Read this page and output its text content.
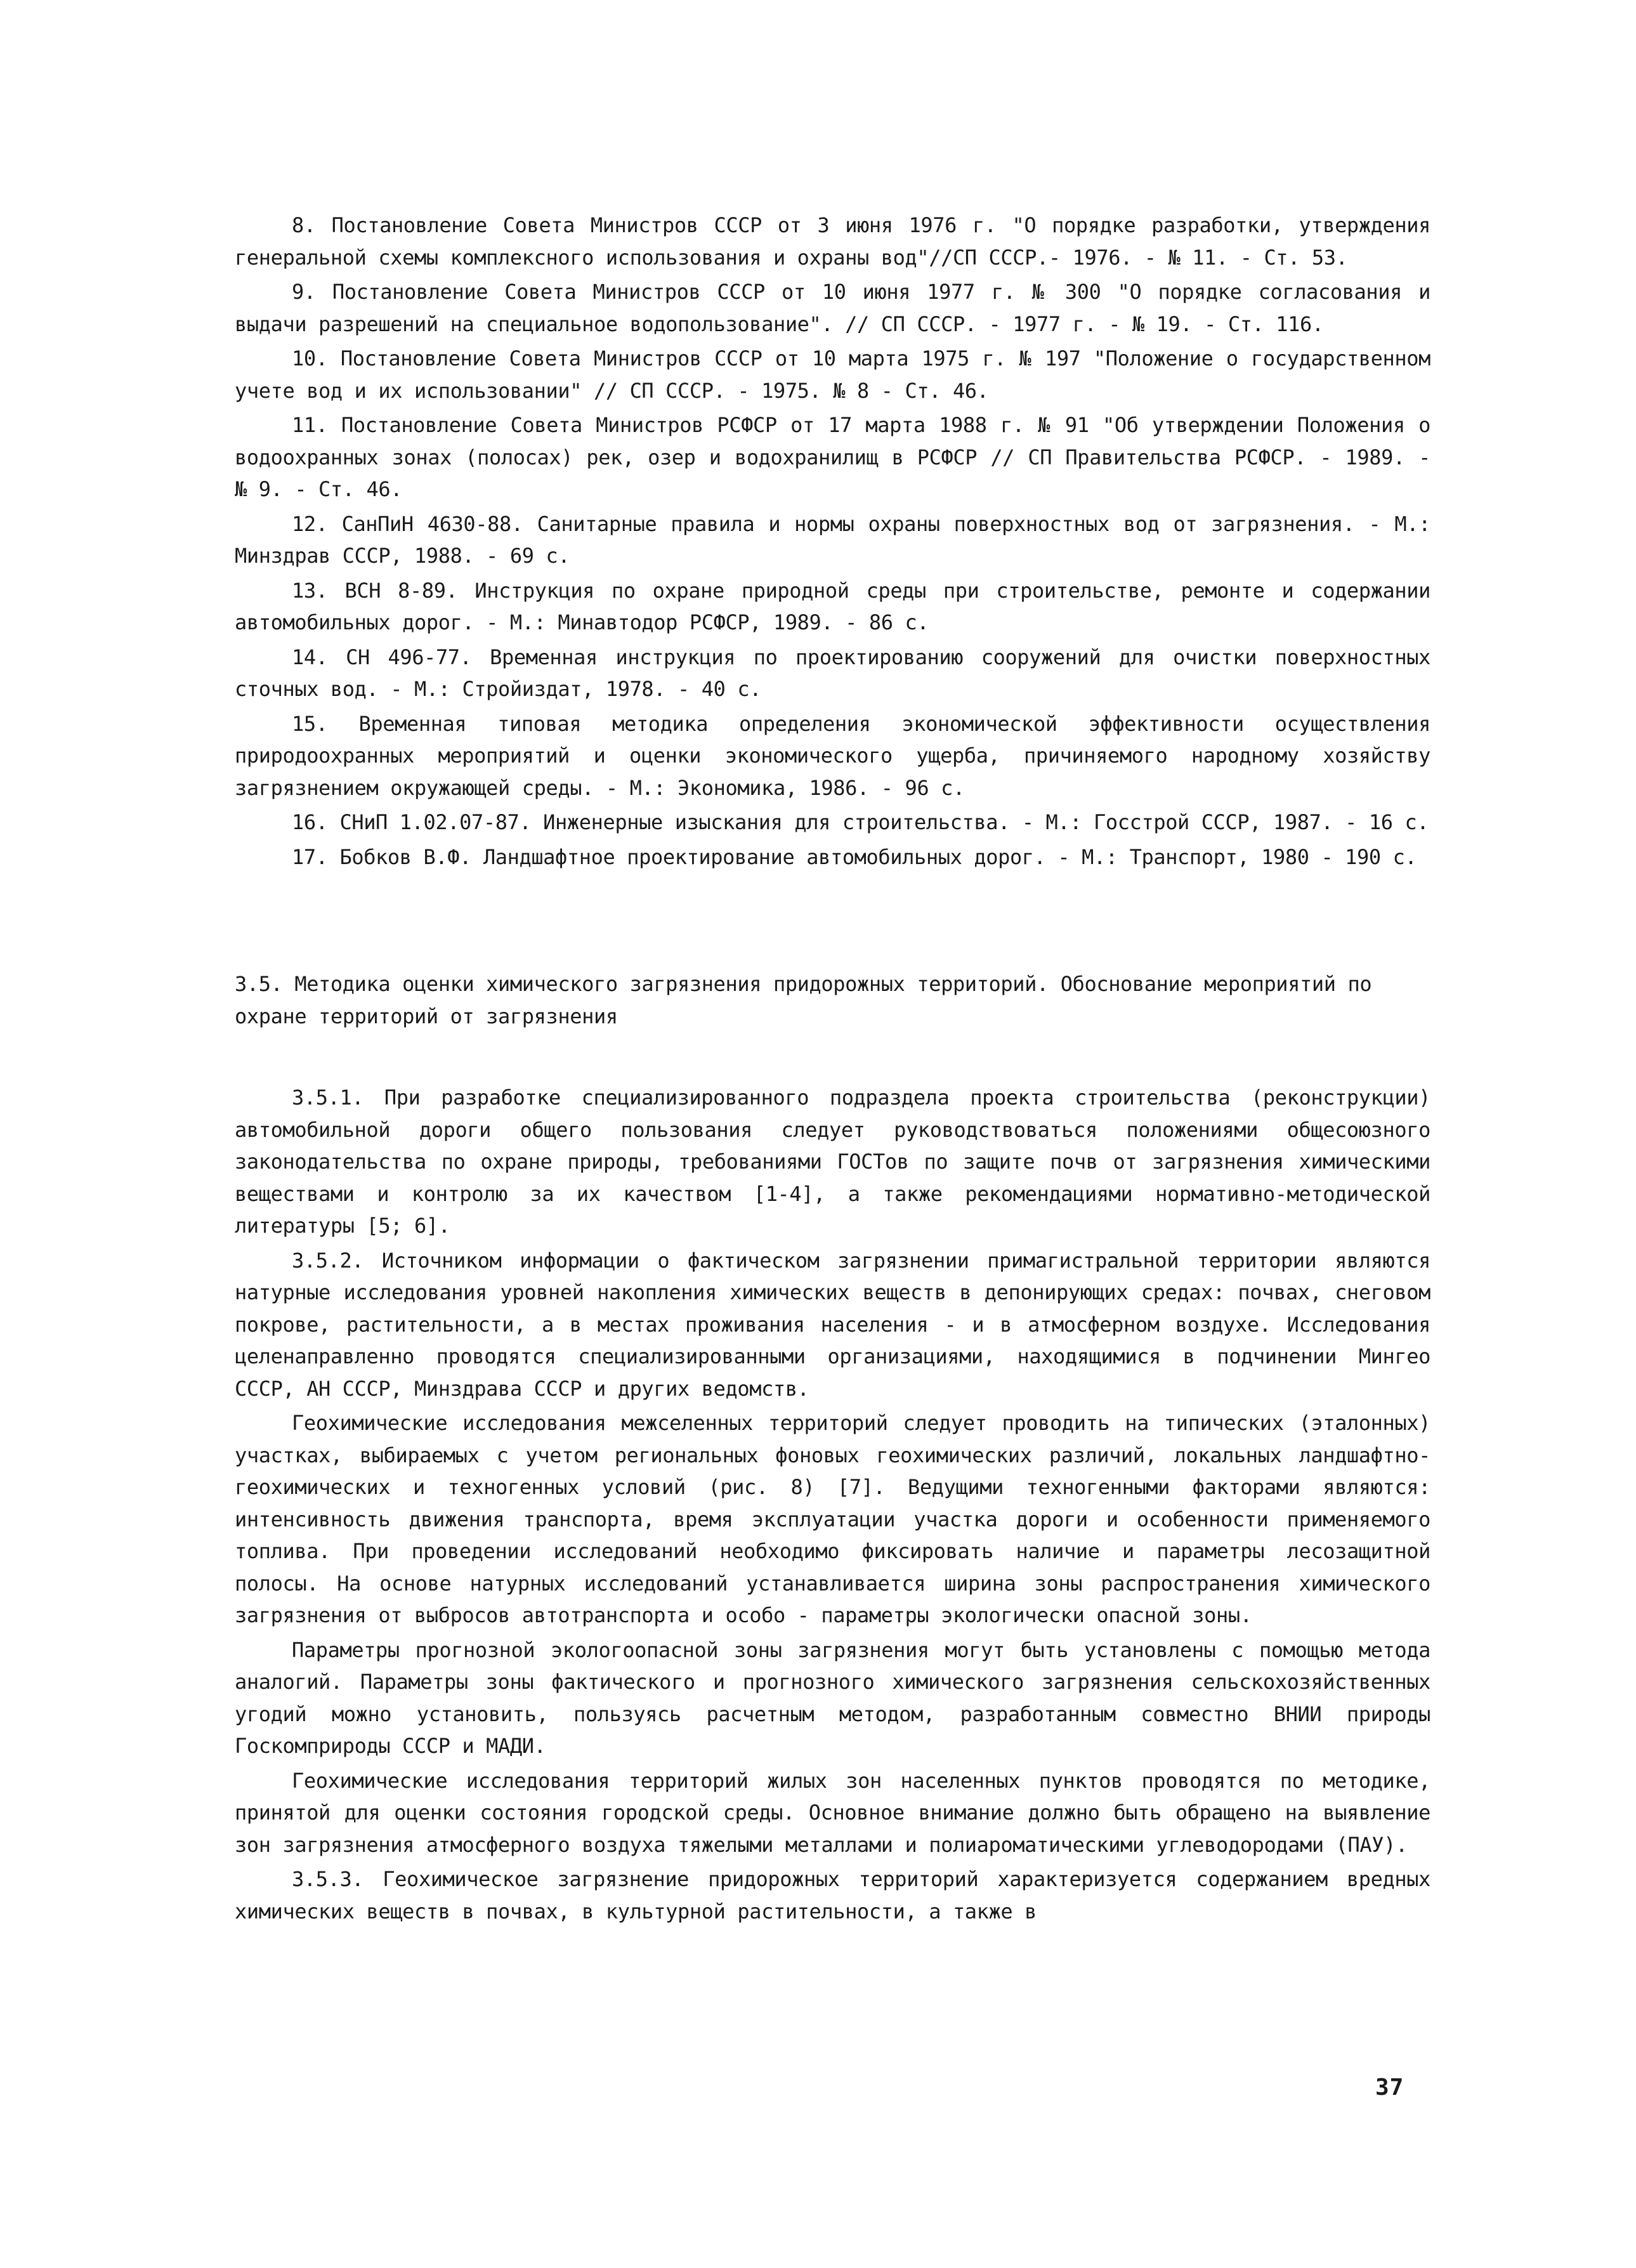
8. Постановление Совета Министров СССР от 3 июня 1976 г. "О порядке разработки, утверждения генеральной схемы комплексного использования и охраны вод"//СП СССР.- 1976. - № 11. - Ст. 53.

9. Постановление Совета Министров СССР от 10 июня 1977 г. № 300 "О порядке согласования и выдачи разрешений на специальное водопользование". // СП СССР. - 1977 г. - № 19. - Ст. 116.

10. Постановление Совета Министров СССР от 10 марта 1975 г. № 197 "Положение о государственном учете вод и их использовании" // СП СССР. - 1975. № 8 - Ст. 46.

11. Постановление Совета Министров РСФСР от 17 марта 1988 г. № 91 "Об утверждении Положения о водоохранных зонах (полосах) рек, озер и водохранилищ в РСФСР // СП Правительства РСФСР. - 1989. - № 9. - Ст. 46.

12. СанПиН 4630-88. Санитарные правила и нормы охраны поверхностных вод от загрязнения. - М.: Минздрав СССР, 1988. - 69 с.

13. ВСН 8-89. Инструкция по охране природной среды при строительстве, ремонте и содержании автомобильных дорог. - М.: Минавтодор РСФСР, 1989. - 86 с.

14. СН 496-77. Временная инструкция по проектированию сооружений для очистки поверхностных сточных вод. - М.: Стройиздат, 1978. - 40 с.

15. Временная типовая методика определения экономической эффективности осуществления природоохранных мероприятий и оценки экономического ущерба, причиняемого народному хозяйству загрязнением окружающей среды. - М.: Экономика, 1986. - 96 с.

16. СНиП 1.02.07-87. Инженерные изыскания для строительства. - М.: Госстрой СССР, 1987. - 16 с.

17. Бобков В.Ф. Ландшафтное проектирование автомобильных дорог. - М.: Транспорт, 1980 - 190 с.

3.5. Методика оценки химического загрязнения придорожных территорий. Обоснование мероприятий по охране территорий от загрязнения

3.5.1. При разработке специализированного подраздела проекта строительства (реконструкции) автомобильной дороги общего пользования следует руководствоваться положениями общесоюзного законодательства по охране природы, требованиями ГОСТов по защите почв от загрязнения химическими веществами и контролю за их качеством [1-4], а также рекомендациями нормативно-методической литературы [5; 6].

3.5.2. Источником информации о фактическом загрязнении примагистральной территории являются натурные исследования уровней накопления химических веществ в депонирующих средах: почвах, снеговом покрове, растительности, а в местах проживания населения - и в атмосферном воздухе. Исследования целенаправленно проводятся специализированными организациями, находящимися в подчинении Мингео СССР, АН СССР, Минздрава СССР и других ведомств.

Геохимические исследования межселенных территорий следует проводить на типических (эталонных) участках, выбираемых с учетом региональных фоновых геохимических различий, локальных ландшафтно-геохимических и техногенных условий (рис. 8) [7]. Ведущими техногенными факторами являются: интенсивность движения транспорта, время эксплуатации участка дороги и особенности применяемого топлива. При проведении исследований необходимо фиксировать наличие и параметры лесозащитной полосы. На основе натурных исследований устанавливается ширина зоны распространения химического загрязнения от выбросов автотранспорта и особо - параметры экологически опасной зоны.

Параметры прогнозной экологоопасной зоны загрязнения могут быть установлены с помощью метода аналогий. Параметры зоны фактического и прогнозного химического загрязнения сельскохозяйственных угодий можно установить, пользуясь расчетным методом, разработанным совместно ВНИИ природы Госкомприроды СССР и МАДИ.

Геохимические исследования территорий жилых зон населенных пунктов проводятся по методике, принятой для оценки состояния городской среды. Основное внимание должно быть обращено на выявление зон загрязнения атмосферного воздуха тяжелыми металлами и полиароматическими углеводородами (ПАУ).

3.5.3. Геохимическое загрязнение придорожных территорий характеризуется содержанием вредных химических веществ в почвах, в культурной растительности, а также в

37
